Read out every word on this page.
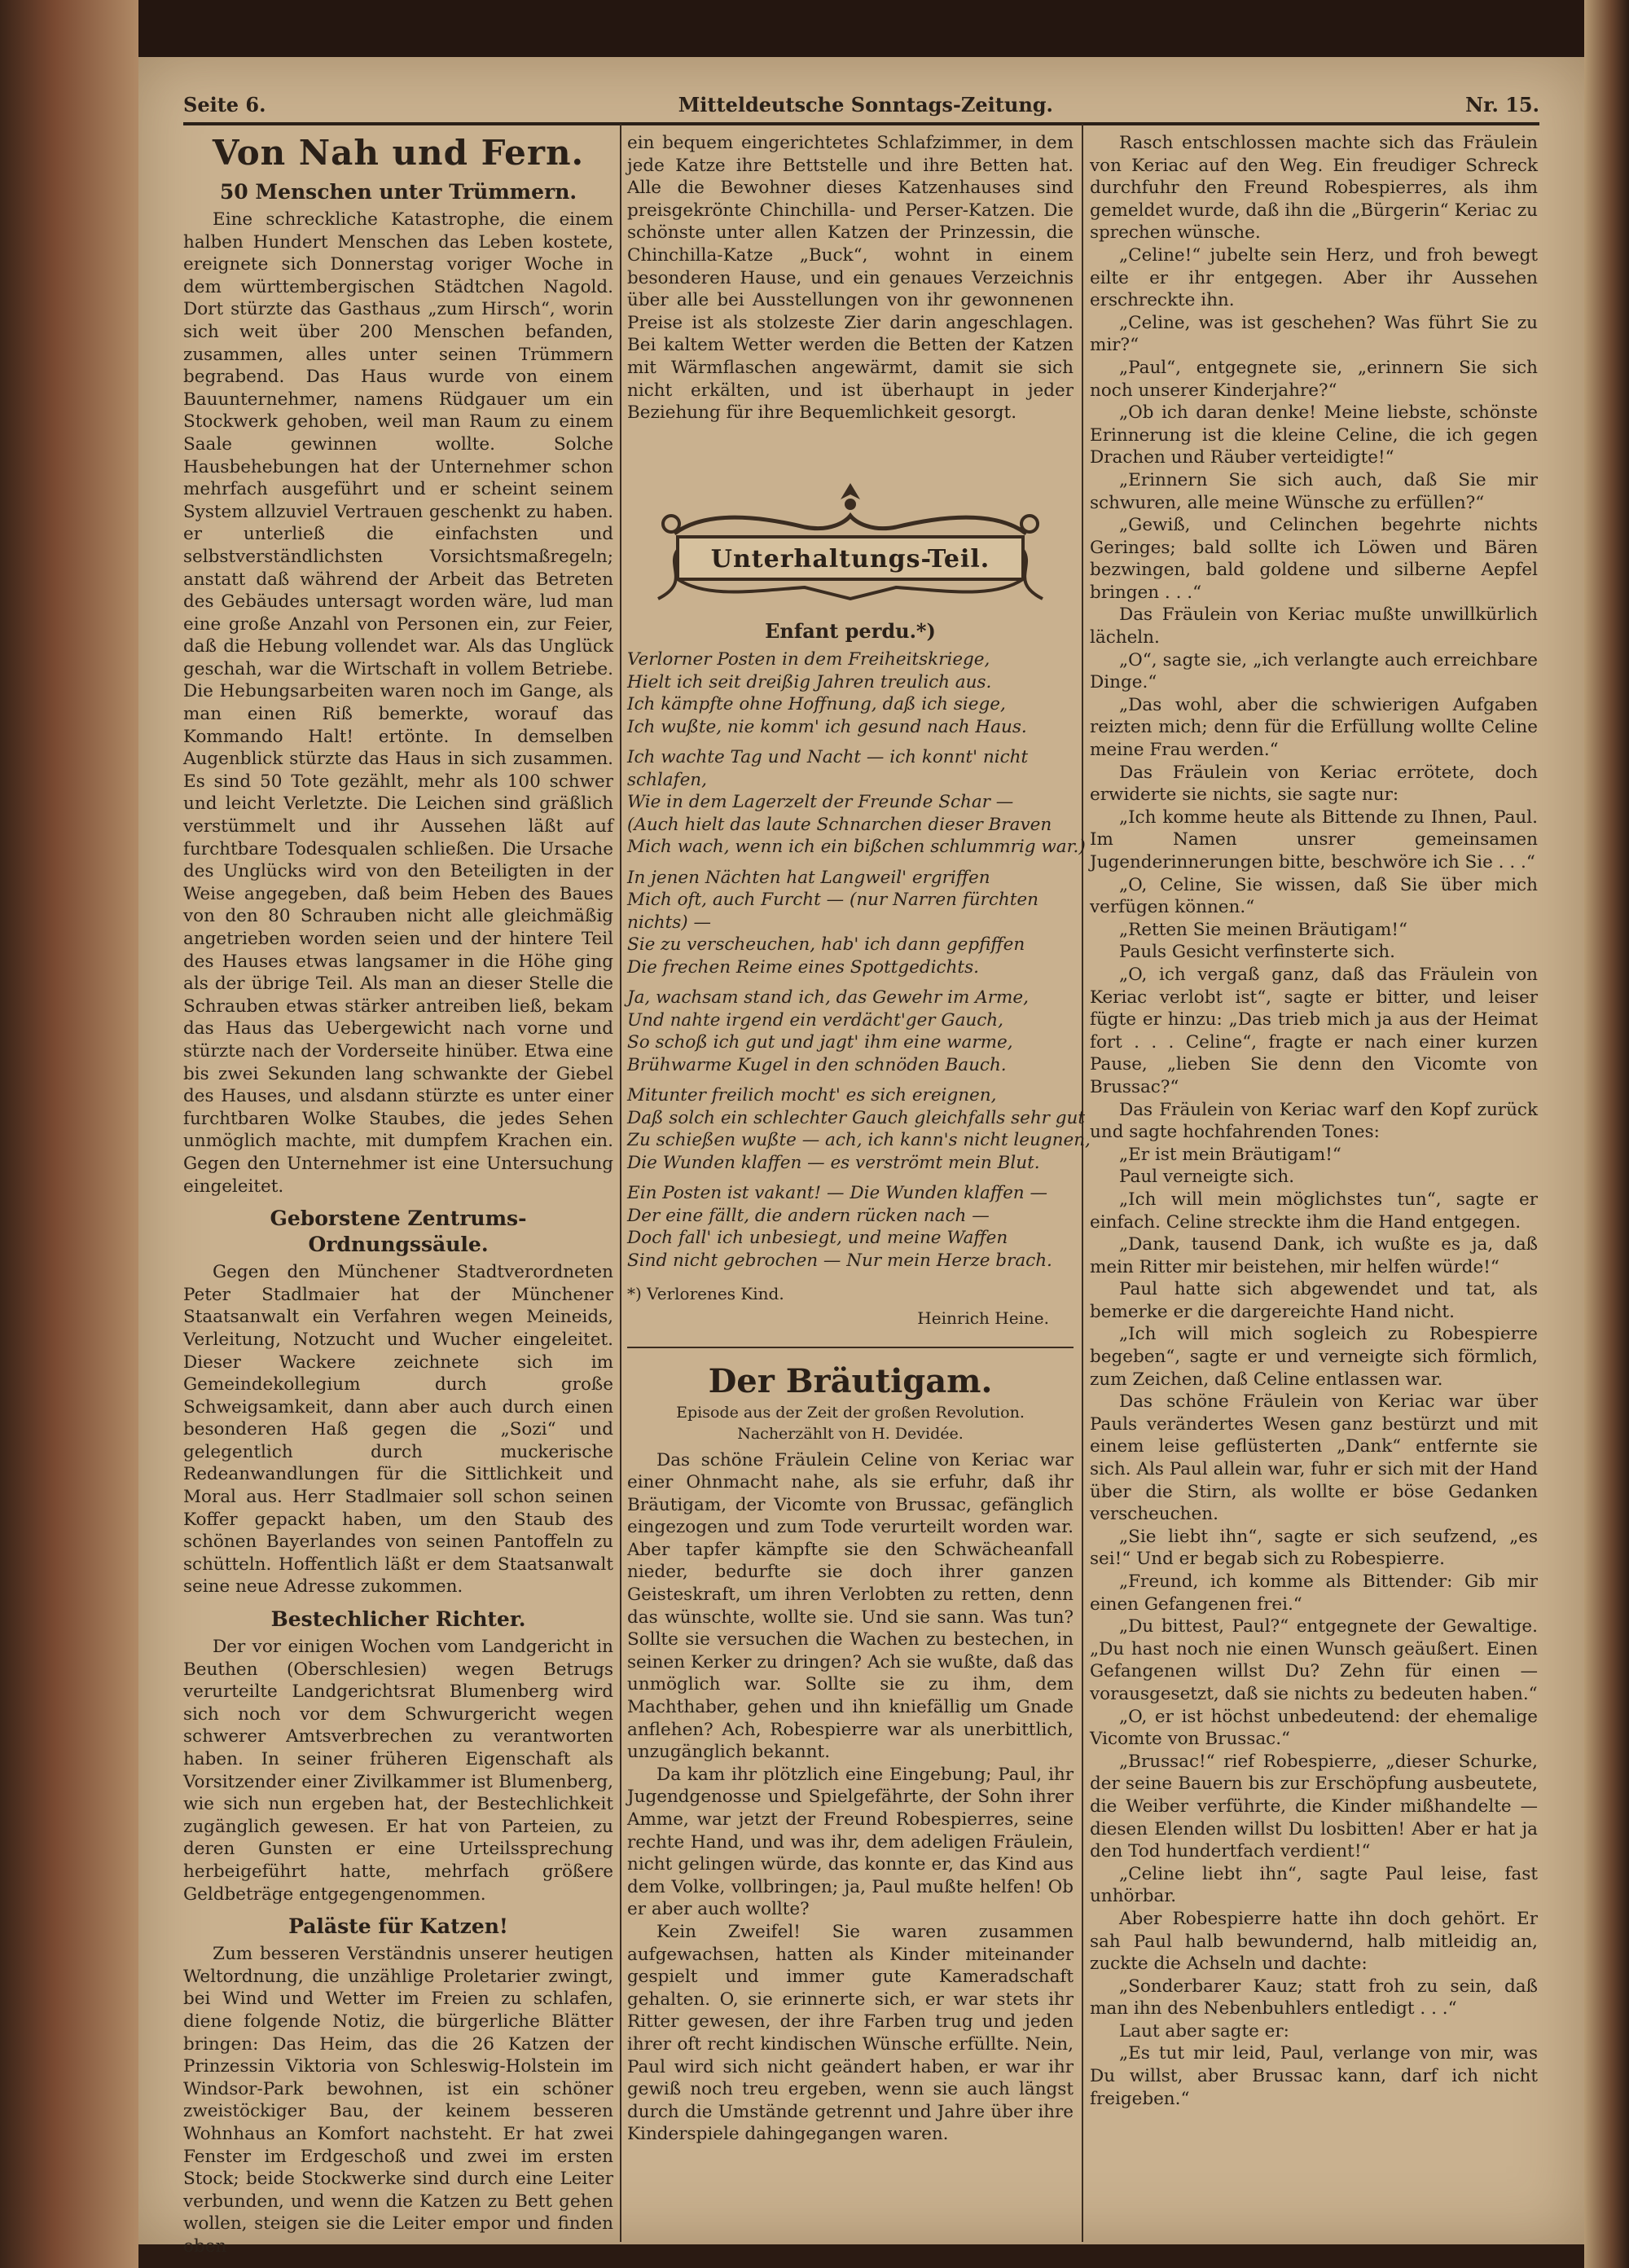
Seite 6.	Mitteldeutsche Sonntags-Zeitung.	Nr. 15.
Von Nah und Fern.
50 Menschen unter Trümmern.

Eine schreckliche Katastrophe, die einem halben Hundert Menschen das Leben kostete, ereignete sich Donnerstag voriger Woche in dem württembergischen Städtchen Nagold. Dort stürzte das Gasthaus „zum Hirsch“, worin sich weit über 200 Menschen befanden, zusammen, alles unter seinen Trümmern begrabend. Das Haus wurde von einem Bauunternehmer, namens Rüdgauer um ein Stockwerk gehoben, weil man Raum zu einem Saale gewinnen wollte. Solche Hausbehebungen hat der Unternehmer schon mehrfach ausgeführt und er scheint seinem System allzuviel Vertrauen geschenkt zu haben. er unterließ die einfachsten und selbstverständlichsten Vorsichtsmaßregeln; anstatt daß während der Arbeit das Betreten des Gebäudes untersagt worden wäre, lud man eine große Anzahl von Personen ein, zur Feier, daß die Hebung vollendet war. Als das Unglück geschah, war die Wirtschaft in vollem Betriebe. Die Hebungsarbeiten waren noch im Gange, als man einen Riß bemerkte, worauf das Kommando Halt! ertönte. In demselben Augenblick stürzte das Haus in sich zusammen. Es sind 50 Tote gezählt, mehr als 100 schwer und leicht Verletzte. Die Leichen sind gräßlich verstümmelt und ihr Aussehen läßt auf furchtbare Todesqualen schließen. Die Ursache des Unglücks wird von den Beteiligten in der Weise angegeben, daß beim Heben des Baues von den 80 Schrauben nicht alle gleichmäßig angetrieben worden seien und der hintere Teil des Hauses etwas langsamer in die Höhe ging als der übrige Teil. Als man an dieser Stelle die Schrauben etwas stärker antreiben ließ, bekam das Haus das Uebergewicht nach vorne und stürzte nach der Vorderseite hinüber. Etwa eine bis zwei Sekunden lang schwankte der Giebel des Hauses, und alsdann stürzte es unter einer furchtbaren Wolke Staubes, die jedes Sehen unmöglich machte, mit dumpfem Krachen ein. Gegen den Unternehmer ist eine Untersuchung eingeleitet.

Geborstene Zentrums-Ordnungssäule.

Gegen den Münchener Stadtverordneten Peter Stadlmaier hat der Münchener Staatsanwalt ein Verfahren wegen Meineids, Verleitung, Notzucht und Wucher eingeleitet. Dieser Wackere zeichnete sich im Gemeindekollegium durch große Schweigsamkeit, dann aber auch durch einen besonderen Haß gegen die „Sozi“ und gelegentlich durch muckerische Redeanwandlungen für die Sittlichkeit und Moral aus. Herr Stadlmaier soll schon seinen Koffer gepackt haben, um den Staub des schönen Bayerlandes von seinen Pantoffeln zu schütteln. Hoffentlich läßt er dem Staatsanwalt seine neue Adresse zukommen.

Bestechlicher Richter.

Der vor einigen Wochen vom Landgericht in Beuthen (Oberschlesien) wegen Betrugs verurteilte Landgerichtsrat Blumenberg wird sich noch vor dem Schwurgericht wegen schwerer Amtsverbrechen zu verantworten haben. In seiner früheren Eigenschaft als Vorsitzender einer Zivilkammer ist Blumenberg, wie sich nun ergeben hat, der Bestechlichkeit zugänglich gewesen. Er hat von Parteien, zu deren Gunsten er eine Urteilssprechung herbeigeführt hatte, mehrfach größere Geldbeträge entgegengenommen.

Paläste für Katzen!

Zum besseren Verständnis unserer heutigen Weltordnung, die unzählige Proletarier zwingt, bei Wind und Wetter im Freien zu schlafen, diene folgende Notiz, die bürgerliche Blätter bringen: Das Heim, das die 26 Katzen der Prinzessin Viktoria von Schleswig-Holstein im Windsor-Park bewohnen, ist ein schöner zweistöckiger Bau, der keinem besseren Wohnhaus an Komfort nachsteht. Er hat zwei Fenster im Erdgeschoß und zwei im ersten Stock; beide Stockwerke sind durch eine Leiter verbunden, und wenn die Katzen zu Bett gehen wollen, steigen sie die Leiter empor und finden oben

ein bequem eingerichtetes Schlafzimmer, in dem jede Katze ihre Bettstelle und ihre Betten hat. Alle die Bewohner dieses Katzenhauses sind preisgekrönte Chinchilla- und Perser-Katzen. Die schönste unter allen Katzen der Prinzessin, die Chinchilla-Katze „Buck“, wohnt in einem besonderen Hause, und ein genaues Verzeichnis über alle bei Ausstellungen von ihr gewonnenen Preise ist als stolzeste Zier darin angeschlagen. Bei kaltem Wetter werden die Betten der Katzen mit Wärmflaschen angewärmt, damit sie sich nicht erkälten, und ist überhaupt in jeder Beziehung für ihre Bequemlichkeit gesorgt.

Unterhaltungs-Teil.
Enfant perdu.*)
Verlorner Posten in dem Freiheitskriege,
Hielt ich seit dreißig Jahren treulich aus.
Ich kämpfte ohne Hoffnung, daß ich siege,
Ich wußte, nie komm' ich gesund nach Haus.
Ich wachte Tag und Nacht — ich konnt' nicht schlafen,
Wie in dem Lagerzelt der Freunde Schar —
(Auch hielt das laute Schnarchen dieser Braven
Mich wach, wenn ich ein bißchen schlummrig war.)
In jenen Nächten hat Langweil' ergriffen
Mich oft, auch Furcht — (nur Narren fürchten nichts) —
Sie zu verscheuchen, hab' ich dann gepfiffen
Die frechen Reime eines Spottgedichts.
Ja, wachsam stand ich, das Gewehr im Arme,
Und nahte irgend ein verdächt'ger Gauch,
So schoß ich gut und jagt' ihm eine warme,
Brühwarme Kugel in den schnöden Bauch.
Mitunter freilich mocht' es sich ereignen,
Daß solch ein schlechter Gauch gleichfalls sehr gut
Zu schießen wußte — ach, ich kann's nicht leugnen,
Die Wunden klaffen — es verströmt mein Blut.
Ein Posten ist vakant! — Die Wunden klaffen —
Der eine fällt, die andern rücken nach —
Doch fall' ich unbesiegt, und meine Waffen
Sind nicht gebrochen — Nur mein Herze brach.
*) Verlorenes Kind.
Heinrich Heine.
Der Bräutigam.
Episode aus der Zeit der großen Revolution.
Nacherzählt von H. Devidée.

Das schöne Fräulein Celine von Keriac war einer Ohnmacht nahe, als sie erfuhr, daß ihr Bräutigam, der Vicomte von Brussac, gefänglich eingezogen und zum Tode verurteilt worden war. Aber tapfer kämpfte sie den Schwächeanfall nieder, bedurfte sie doch ihrer ganzen Geisteskraft, um ihren Verlobten zu retten, denn das wünschte, wollte sie. Und sie sann. Was tun? Sollte sie versuchen die Wachen zu bestechen, in seinen Kerker zu dringen? Ach sie wußte, daß das unmöglich war. Sollte sie zu ihm, dem Machthaber, gehen und ihn kniefällig um Gnade anflehen? Ach, Robespierre war als unerbittlich, unzugänglich bekannt.

Da kam ihr plötzlich eine Eingebung; Paul, ihr Jugendgenosse und Spielgefährte, der Sohn ihrer Amme, war jetzt der Freund Robespierres, seine rechte Hand, und was ihr, dem adeligen Fräulein, nicht gelingen würde, das konnte er, das Kind aus dem Volke, vollbringen; ja, Paul mußte helfen! Ob er aber auch wollte?

Kein Zweifel! Sie waren zusammen aufgewachsen, hatten als Kinder miteinander gespielt und immer gute Kameradschaft gehalten. O, sie erinnerte sich, er war stets ihr Ritter gewesen, der ihre Farben trug und jeden ihrer oft recht kindischen Wünsche erfüllte. Nein, Paul wird sich nicht geändert haben, er war ihr gewiß noch treu ergeben, wenn sie auch längst durch die Umstände getrennt und Jahre über ihre Kinderspiele dahingegangen waren.

Rasch entschlossen machte sich das Fräulein von Keriac auf den Weg. Ein freudiger Schreck durchfuhr den Freund Robespierres, als ihm gemeldet wurde, daß ihn die „Bürgerin“ Keriac zu sprechen wünsche.

„Celine!“ jubelte sein Herz, und froh bewegt eilte er ihr entgegen. Aber ihr Aussehen erschreckte ihn.

„Celine, was ist geschehen? Was führt Sie zu mir?“

„Paul“, entgegnete sie, „erinnern Sie sich noch unserer Kinderjahre?“

„Ob ich daran denke! Meine liebste, schönste Erinnerung ist die kleine Celine, die ich gegen Drachen und Räuber verteidigte!“

„Erinnern Sie sich auch, daß Sie mir schwuren, alle meine Wünsche zu erfüllen?“

„Gewiß, und Celinchen begehrte nichts Geringes; bald sollte ich Löwen und Bären bezwingen, bald goldene und silberne Aepfel bringen . . .“

Das Fräulein von Keriac mußte unwillkürlich lächeln.

„O“, sagte sie, „ich verlangte auch erreichbare Dinge.“

„Das wohl, aber die schwierigen Aufgaben reizten mich; denn für die Erfüllung wollte Celine meine Frau werden.“

Das Fräulein von Keriac errötete, doch erwiderte sie nichts, sie sagte nur:

„Ich komme heute als Bittende zu Ihnen, Paul. Im Namen unsrer gemeinsamen Jugenderinnerungen bitte, beschwöre ich Sie . . .“

„O, Celine, Sie wissen, daß Sie über mich verfügen können.“

„Retten Sie meinen Bräutigam!“

Pauls Gesicht verfinsterte sich.

„O, ich vergaß ganz, daß das Fräulein von Keriac verlobt ist“, sagte er bitter, und leiser fügte er hinzu: „Das trieb mich ja aus der Heimat fort . . . Celine“, fragte er nach einer kurzen Pause, „lieben Sie denn den Vicomte von Brussac?“

Das Fräulein von Keriac warf den Kopf zurück und sagte hochfahrenden Tones:

„Er ist mein Bräutigam!“

Paul verneigte sich.

„Ich will mein möglichstes tun“, sagte er einfach. Celine streckte ihm die Hand entgegen.

„Dank, tausend Dank, ich wußte es ja, daß mein Ritter mir beistehen, mir helfen würde!“

Paul hatte sich abgewendet und tat, als bemerke er die dargereichte Hand nicht.

„Ich will mich sogleich zu Robespierre begeben“, sagte er und verneigte sich förmlich, zum Zeichen, daß Celine entlassen war.

Das schöne Fräulein von Keriac war über Pauls verändertes Wesen ganz bestürzt und mit einem leise geflüsterten „Dank“ entfernte sie sich. Als Paul allein war, fuhr er sich mit der Hand über die Stirn, als wollte er böse Gedanken verscheuchen.

„Sie liebt ihn“, sagte er sich seufzend, „es sei!“ Und er begab sich zu Robespierre.

„Freund, ich komme als Bittender: Gib mir einen Gefangenen frei.“

„Du bittest, Paul?“ entgegnete der Gewaltige. „Du hast noch nie einen Wunsch geäußert. Einen Gefangenen willst Du? Zehn für einen — vorausgesetzt, daß sie nichts zu bedeuten haben.“

„O, er ist höchst unbedeutend: der ehemalige Vicomte von Brussac.“

„Brussac!“ rief Robespierre, „dieser Schurke, der seine Bauern bis zur Erschöpfung ausbeutete, die Weiber verführte, die Kinder mißhandelte — diesen Elenden willst Du losbitten! Aber er hat ja den Tod hundertfach verdient!“

„Celine liebt ihn“, sagte Paul leise, fast unhörbar.

Aber Robespierre hatte ihn doch gehört. Er sah Paul halb bewundernd, halb mitleidig an, zuckte die Achseln und dachte:

„Sonderbarer Kauz; statt froh zu sein, daß man ihn des Nebenbuhlers entledigt . . .“

Laut aber sagte er:

„Es tut mir leid, Paul, verlange von mir, was Du willst, aber Brussac kann, darf ich nicht freigeben.“
